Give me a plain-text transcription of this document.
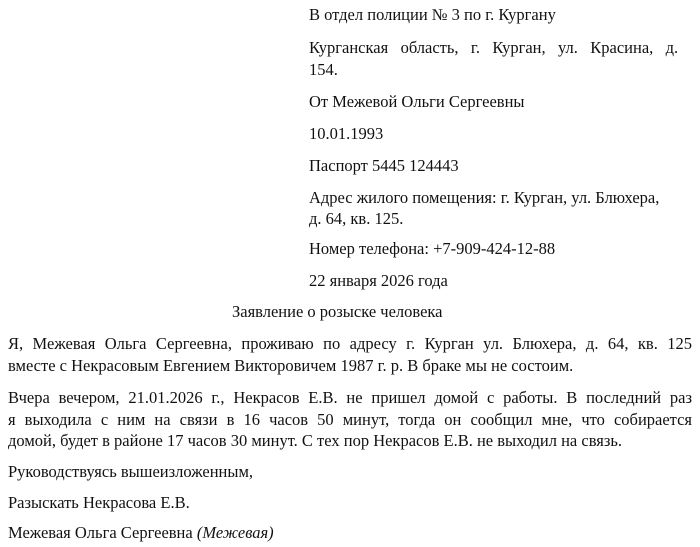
В отдел полиции № 3 по г. Кургану
Курганская   область,   г.   Курган,   ул.   Красина,   д.
154.
От Межевой Ольги Сергеевны
10.01.1993
Паспорт 5445 124443
Адрес жилого помещения: г. Курган, ул. Блюхера,
д. 64, кв. 125.
Номер телефона: +7-909-424-12-88
22 января 2026 года
Заявление о розыске человека
Я, Межевая Ольга Сергеевна, проживаю по адресу г. Курган ул. Блюхера, д. 64, кв. 125
вместе с Некрасовым Евгением Викторовичем 1987 г. р. В браке мы не состоим.
Вчера вечером, 21.01.2026 г., Некрасов Е.В. не пришел домой с работы. В последний раз
я выходила с ним на связи в 16 часов 50 минут, тогда он сообщил мне, что собирается
домой, будет в районе 17 часов 30 минут. С тех пор Некрасов Е.В. не выходил на связь.
Руководствуясь вышеизложенным,
Разыскать Некрасова Е.В.
Межевая Ольга Сергеевна (Межевая)
